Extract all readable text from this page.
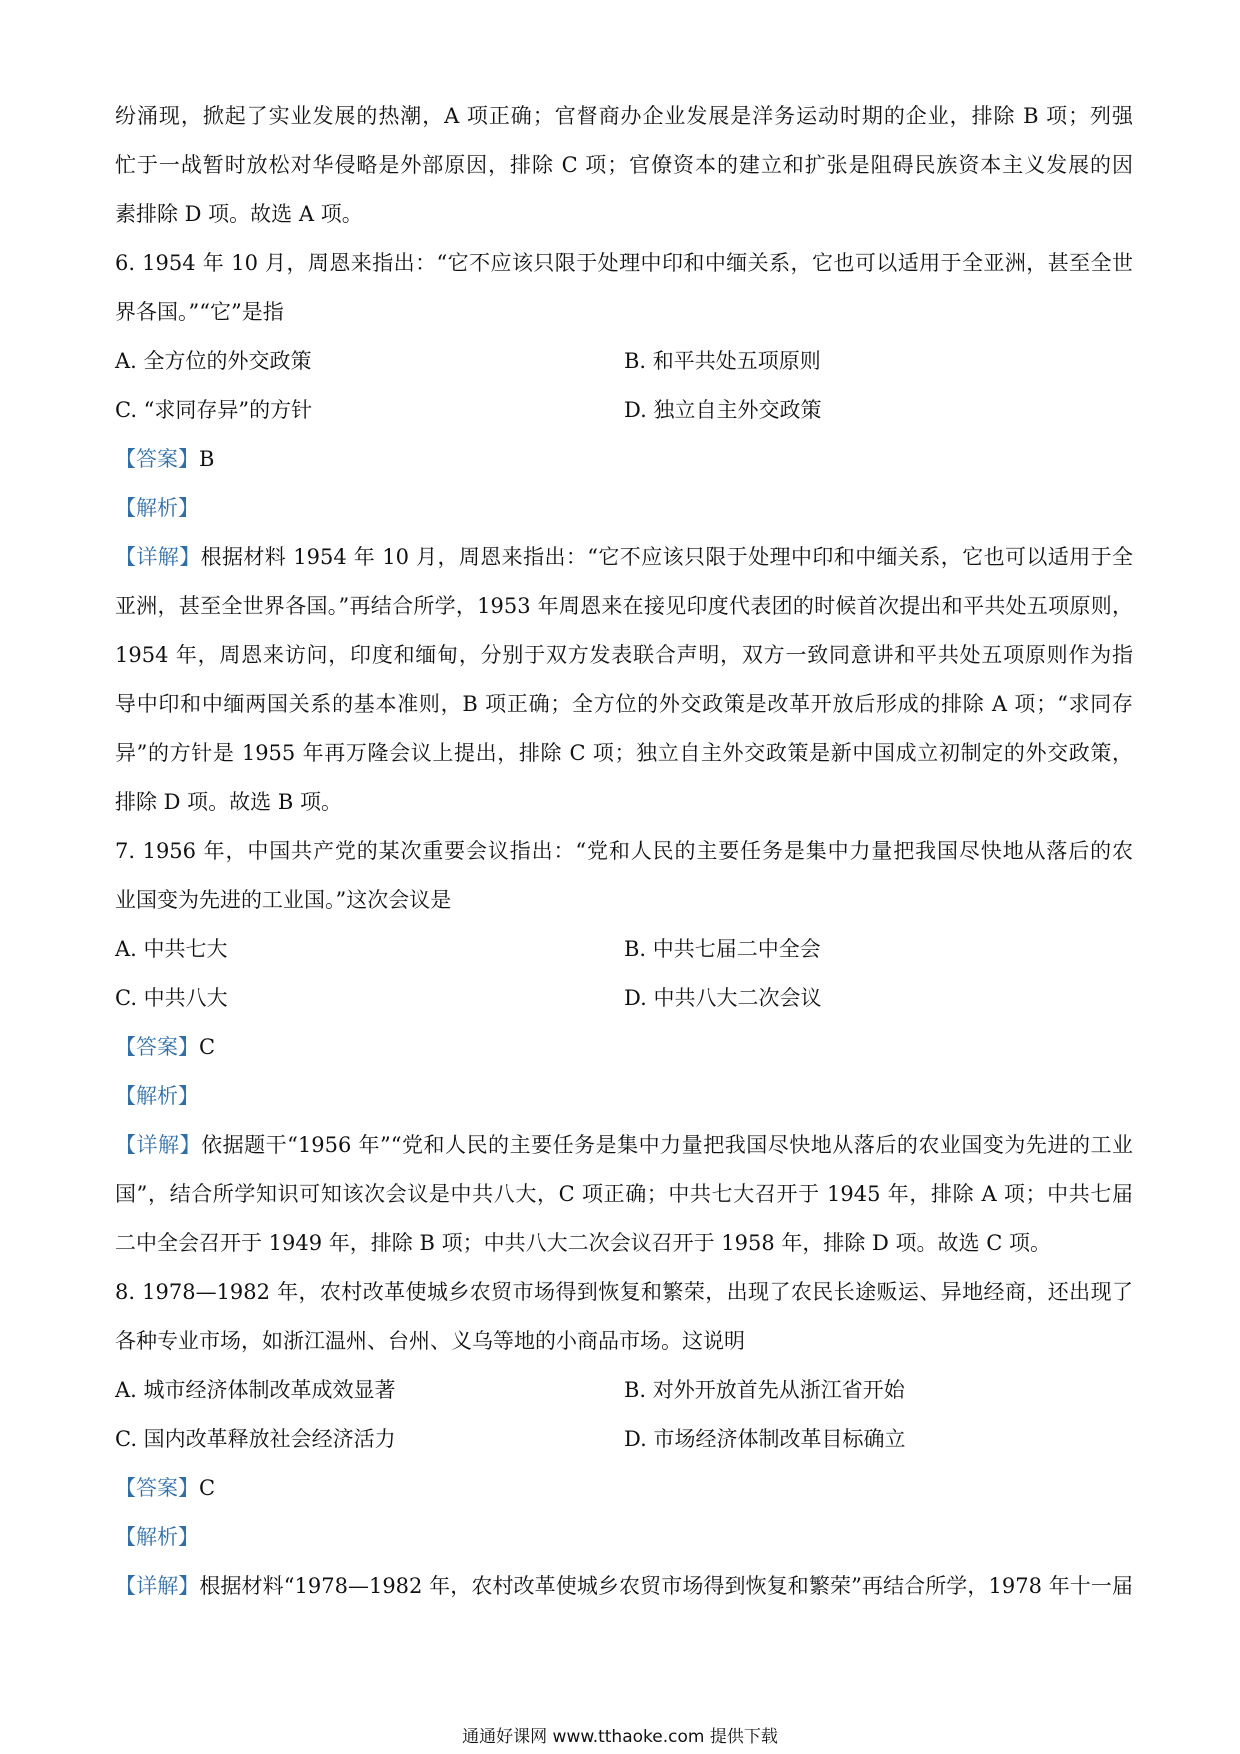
纷涌现，掀起了实业发展的热潮，A 项正确；官督商办企业发展是洋务运动时期的企业，排除 B 项；列强
忙于一战暂时放松对华侵略是外部原因，排除 C 项；官僚资本的建立和扩张是阻碍民族资本主义发展的因
素排除 D 项。故选 A 项。
6. 1954 年 10 月，周恩来指出：“它不应该只限于处理中印和中缅关系，它也可以适用于全亚洲，甚至全世
界各国。”“它”是指
A. 全方位的外交政策	B. 和平共处五项原则
C. “求同存异”的方针	D. 独立自主外交政策
【答案】B
【解析】
【详解】根据材料 1954 年 10 月，周恩来指出：“它不应该只限于处理中印和中缅关系，它也可以适用于全
亚洲，甚至全世界各国。”再结合所学，1953 年周恩来在接见印度代表团的时候首次提出和平共处五项原则，
1954 年，周恩来访问，印度和缅甸，分别于双方发表联合声明，双方一致同意讲和平共处五项原则作为指
导中印和中缅两国关系的基本准则，B 项正确；全方位的外交政策是改革开放后形成的排除 A 项；“求同存
异”的方针是 1955 年再万隆会议上提出，排除 C 项；独立自主外交政策是新中国成立初制定的外交政策，
排除 D 项。故选 B 项。
7. 1956 年，中国共产党的某次重要会议指出：“党和人民的主要任务是集中力量把我国尽快地从落后的农
业国变为先进的工业国。”这次会议是
A. 中共七大	B. 中共七届二中全会
C. 中共八大	D. 中共八大二次会议
【答案】C
【解析】
【详解】依据题干“1956 年”“党和人民的主要任务是集中力量把我国尽快地从落后的农业国变为先进的工业
国”，结合所学知识可知该次会议是中共八大，C 项正确；中共七大召开于 1945 年，排除 A 项；中共七届
二中全会召开于 1949 年，排除 B 项；中共八大二次会议召开于 1958 年，排除 D 项。故选 C 项。
8. 1978—1982 年，农村改革使城乡农贸市场得到恢复和繁荣，出现了农民长途贩运、异地经商，还出现了
各种专业市场，如浙江温州、台州、义乌等地的小商品市场。这说明
A. 城市经济体制改革成效显著	B. 对外开放首先从浙江省开始
C. 国内改革释放社会经济活力	D. 市场经济体制改革目标确立
【答案】C
【解析】
【详解】根据材料“1978—1982 年，农村改革使城乡农贸市场得到恢复和繁荣”再结合所学，1978 年十一届
通通好课网 www.tthaoke.com 提供下载
